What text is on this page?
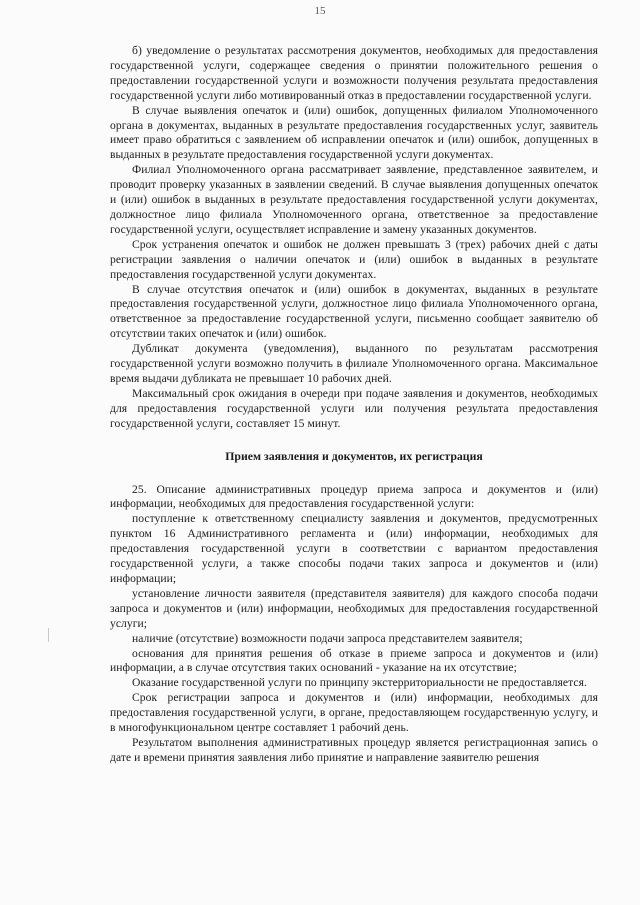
15

б) уведомление о результатах рассмотрения документов, необходимых для предоставления государственной услуги, содержащее сведения о принятии положительного решения о предоставлении государственной услуги и возможности получения результата предоставления государственной услуги либо мотивированный отказ в предоставлении государственной услуги.

В случае выявления опечаток и (или) ошибок, допущенных филиалом Уполномоченного органа в документах, выданных в результате предоставления государственных услуг, заявитель имеет право обратиться с заявлением об исправлении опечаток и (или) ошибок, допущенных в выданных в результате предоставления государственной услуги документах.

Филиал Уполномоченного органа рассматривает заявление, представленное заявителем, и проводит проверку указанных в заявлении сведений. В случае выявления допущенных опечаток и (или) ошибок в выданных в результате предоставления государственной услуги документах, должностное лицо филиала Уполномоченного органа, ответственное за предоставление государственной услуги, осуществляет исправление и замену указанных документов.

Срок устранения опечаток и ошибок не должен превышать 3 (трех) рабочих дней с даты регистрации заявления о наличии опечаток и (или) ошибок в выданных в результате предоставления государственной услуги документах.

В случае отсутствия опечаток и (или) ошибок в документах, выданных в результате предоставления государственной услуги, должностное лицо филиала Уполномоченного органа, ответственное за предоставление государственной услуги, письменно сообщает заявителю об отсутствии таких опечаток и (или) ошибок.

Дубликат документа (уведомления), выданного по результатам рассмотрения государственной услуги возможно получить в филиале Уполномоченного органа. Максимальное время выдачи дубликата не превышает 10 рабочих дней.

Максимальный срок ожидания в очереди при подаче заявления и документов, необходимых для предоставления государственной услуги или получения результата предоставления государственной услуги, составляет 15 минут.

Прием заявления и документов, их регистрация

25. Описание административных процедур приема запроса и документов и (или) информации, необходимых для предоставления государственной услуги:

поступление к ответственному специалисту заявления и документов, предусмотренных пунктом 16 Административного регламента и (или) информации, необходимых для предоставления государственной услуги в соответствии с вариантом предоставления государственной услуги, а также способы подачи таких запроса и документов и (или) информации;

установление личности заявителя (представителя заявителя) для каждого способа подачи запроса и документов и (или) информации, необходимых для предоставления государственной услуги;

наличие (отсутствие) возможности подачи запроса представителем заявителя;

основания для принятия решения об отказе в приеме запроса и документов и (или) информации, а в случае отсутствия таких оснований - указание на их отсутствие;

Оказание государственной услуги по принципу экстерриториальности не предоставляется.

Срок регистрации запроса и документов и (или) информации, необходимых для предоставления государственной услуги, в органе, предоставляющем государственную услугу, и в многофункциональном центре составляет 1 рабочий день.

Результатом выполнения административных процедур является регистрационная запись о дате и времени принятия заявления либо принятие и направление заявителю решения
